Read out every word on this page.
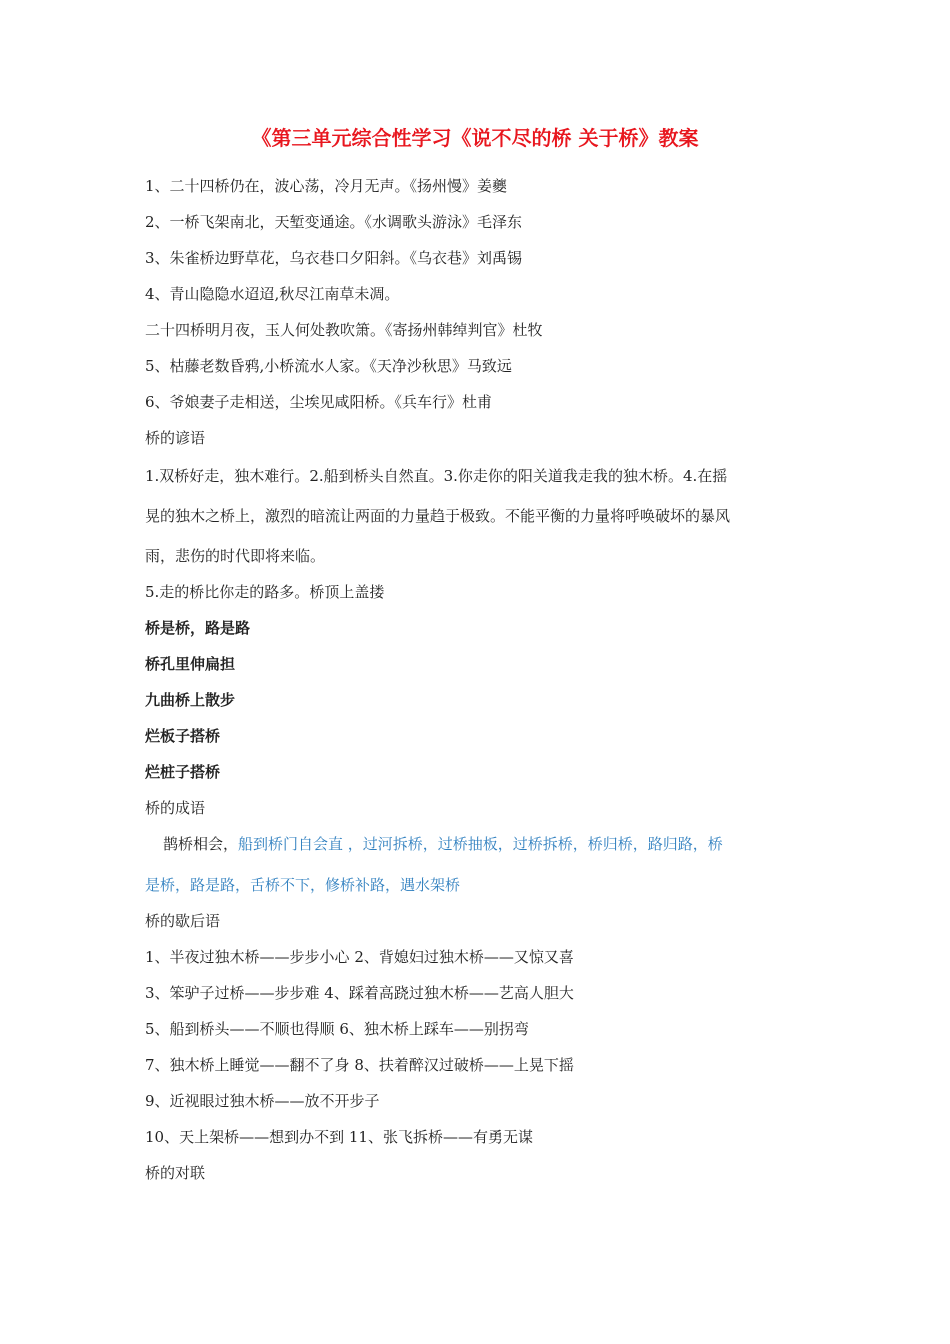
《第三单元综合性学习《说不尽的桥 关于桥》教案
1、二十四桥仍在，波心荡，冷月无声。《扬州慢》姜夔
2、一桥飞架南北，天堑变通途。《水调歌头游泳》毛泽东
3、朱雀桥边野草花，乌衣巷口夕阳斜。《乌衣巷》刘禹锡
4、青山隐隐水迢迢,秋尽江南草未凋。
二十四桥明月夜，玉人何处教吹箫。《寄扬州韩绰判官》杜牧
5、枯藤老数昏鸦,小桥流水人家。《天净沙秋思》马致远
6、爷娘妻子走相送，尘埃见咸阳桥。《兵车行》杜甫
桥的谚语
1.双桥好走，独木难行。2.船到桥头自然直。3.你走你的阳关道我走我的独木桥。4.在摇
晃的独木之桥上，激烈的暗流让两面的力量趋于极致。不能平衡的力量将呼唤破坏的暴风
雨，悲伤的时代即将来临。
5.走的桥比你走的路多。桥顶上盖搂
桥是桥，路是路
桥孔里伸扁担
九曲桥上散步
烂板子搭桥
烂桩子搭桥
桥的成语
鹊桥相会，船到桥门自会直 ，过河拆桥，过桥抽板，过桥拆桥，桥归桥，路归路，桥
是桥，路是路，舌桥不下，修桥补路，遇水架桥
桥的歇后语
1、半夜过独木桥——步步小心 2、背媳妇过独木桥——又惊又喜
3、笨驴子过桥——步步难 4、踩着高跷过独木桥——艺高人胆大
5、船到桥头——不顺也得顺 6、独木桥上踩车——别拐弯
7、独木桥上睡觉——翻不了身 8、扶着醉汉过破桥——上晃下摇
9、近视眼过独木桥——放不开步子
10、天上架桥——想到办不到 11、张飞拆桥——有勇无谋
桥的对联
